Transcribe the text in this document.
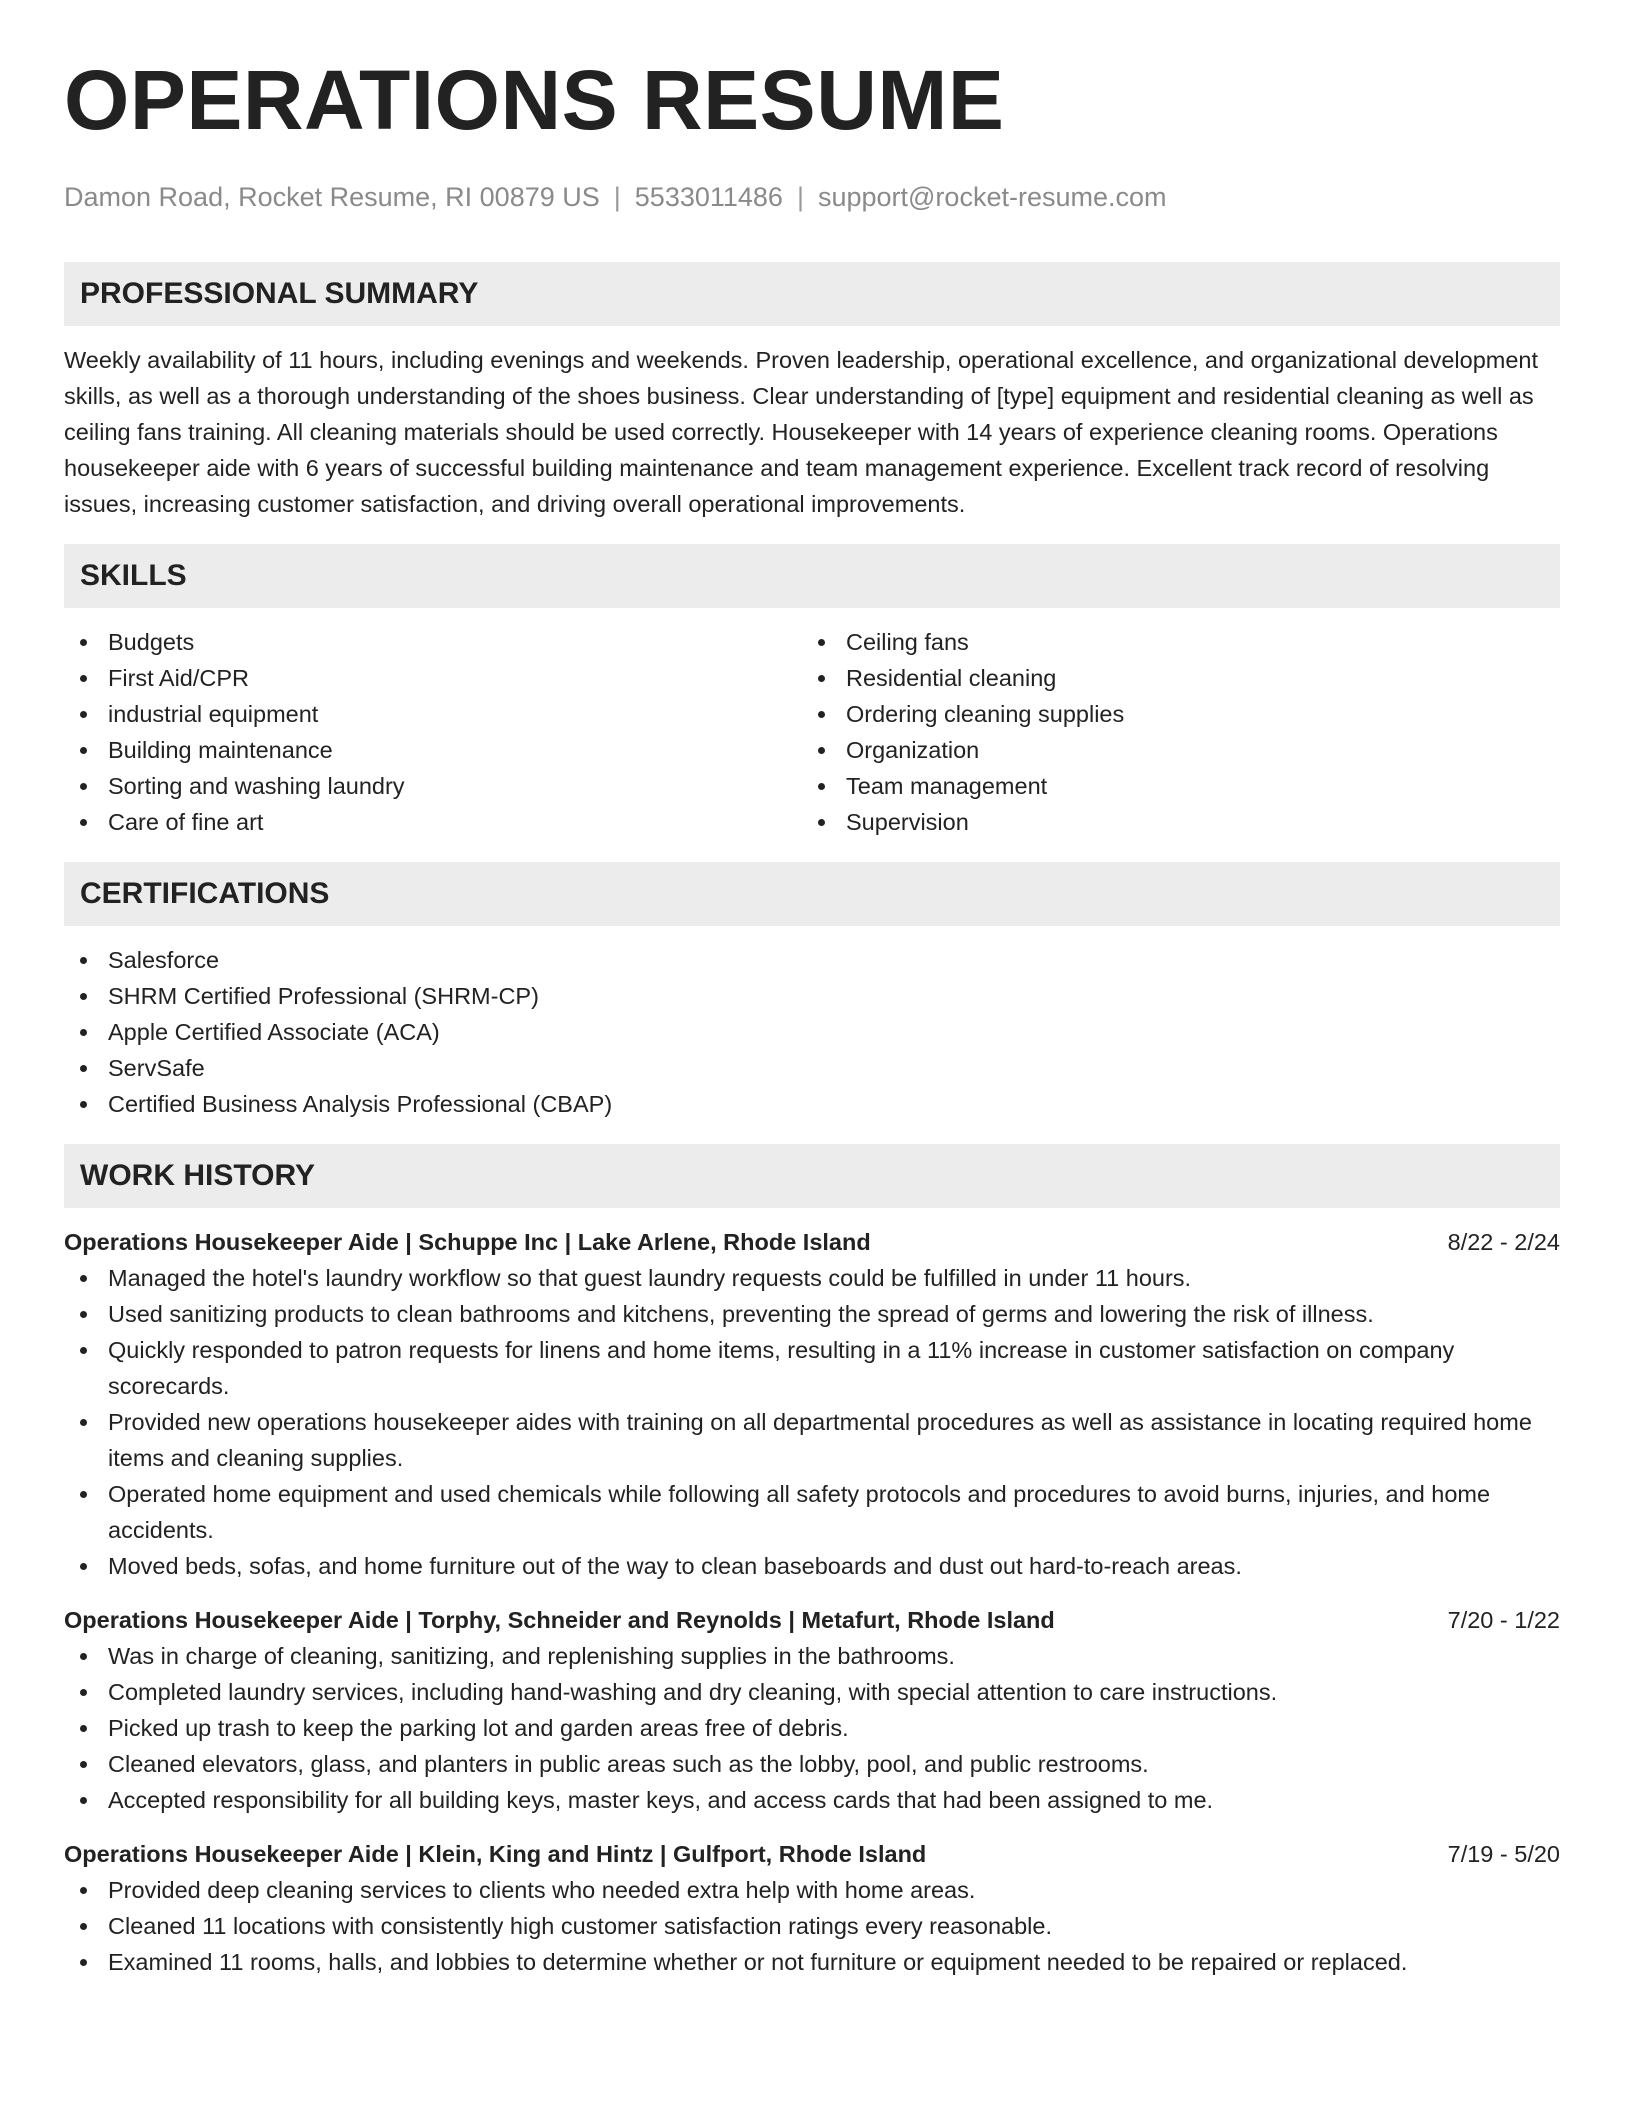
OPERATIONS RESUME
Damon Road, Rocket Resume, RI 00879 US | 5533011486 | support@rocket-resume.com
PROFESSIONAL SUMMARY

Weekly availability of 11 hours, including evenings and weekends. Proven leadership, operational excellence, and organizational development skills, as well as a thorough understanding of the shoes business. Clear understanding of [type] equipment and residential cleaning as well as ceiling fans training. All cleaning materials should be used correctly. Housekeeper with 14 years of experience cleaning rooms. Operations housekeeper aide with 6 years of successful building maintenance and team management experience. Excellent track record of resolving issues, increasing customer satisfaction, and driving overall operational improvements.

SKILLS
Budgets
First Aid/CPR
industrial equipment
Building maintenance
Sorting and washing laundry
Care of fine art
Ceiling fans
Residential cleaning
Ordering cleaning supplies
Organization
Team management
Supervision
CERTIFICATIONS
Salesforce
SHRM Certified Professional (SHRM-CP)
Apple Certified Associate (ACA)
ServSafe
Certified Business Analysis Professional (CBAP)
WORK HISTORY
Operations Housekeeper Aide | Schuppe Inc | Lake Arlene, Rhode Island	8/22 - 2/24
Managed the hotel's laundry workflow so that guest laundry requests could be fulfilled in under 11 hours.
Used sanitizing products to clean bathrooms and kitchens, preventing the spread of germs and lowering the risk of illness.
Quickly responded to patron requests for linens and home items, resulting in a 11% increase in customer satisfaction on company scorecards.
Provided new operations housekeeper aides with training on all departmental procedures as well as assistance in locating required home items and cleaning supplies.
Operated home equipment and used chemicals while following all safety protocols and procedures to avoid burns, injuries, and home accidents.
Moved beds, sofas, and home furniture out of the way to clean baseboards and dust out hard-to-reach areas.
Operations Housekeeper Aide | Torphy, Schneider and Reynolds | Metafurt, Rhode Island	7/20 - 1/22
Was in charge of cleaning, sanitizing, and replenishing supplies in the bathrooms.
Completed laundry services, including hand-washing and dry cleaning, with special attention to care instructions.
Picked up trash to keep the parking lot and garden areas free of debris.
Cleaned elevators, glass, and planters in public areas such as the lobby, pool, and public restrooms.
Accepted responsibility for all building keys, master keys, and access cards that had been assigned to me.
Operations Housekeeper Aide | Klein, King and Hintz | Gulfport, Rhode Island	7/19 - 5/20
Provided deep cleaning services to clients who needed extra help with home areas.
Cleaned 11 locations with consistently high customer satisfaction ratings every reasonable.
Examined 11 rooms, halls, and lobbies to determine whether or not furniture or equipment needed to be repaired or replaced.
